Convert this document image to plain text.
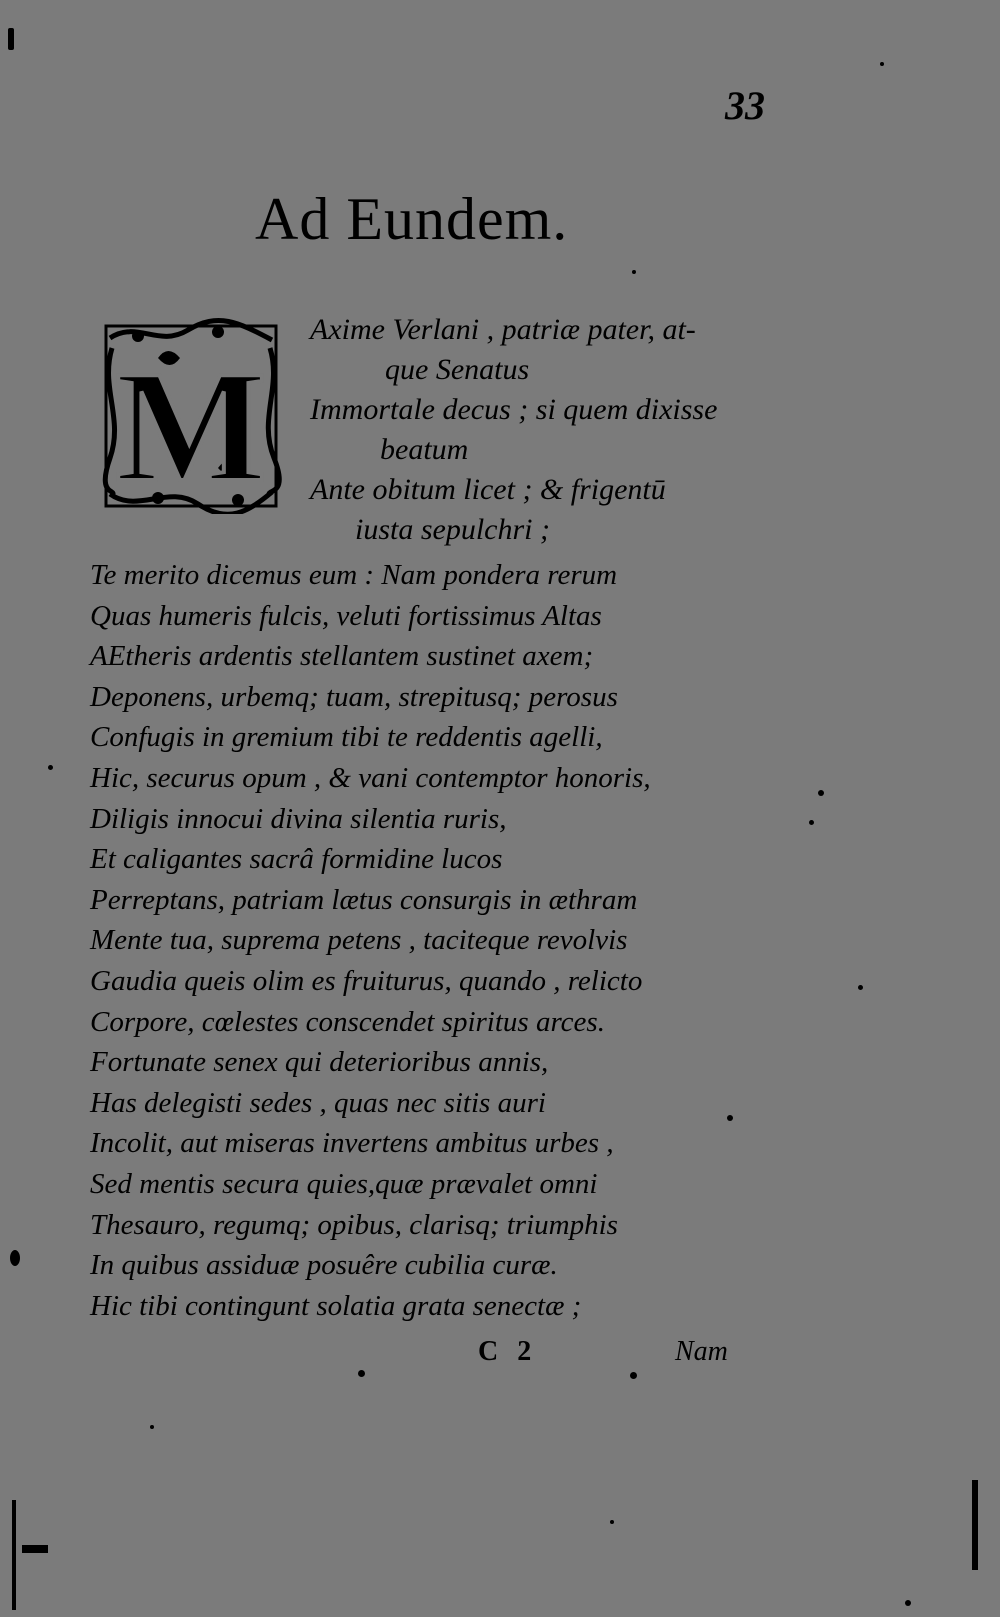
33
Ad Eundem.
M
Axime Verlani , patriæ pater, at-
que Senatus
Immortale decus ; si quem dixisse
beatum
Ante obitum licet ; & frigentū
iusta sepulchri ;
Te merito dicemus eum : Nam pondera rerum
Quas humeris fulcis, veluti fortissimus Altas
AEtheris ardentis stellantem sustinet axem;
Deponens, urbemq; tuam, strepitusq; perosus
Confugis in gremium tibi te reddentis agelli,
Hic, securus opum , & vani contemptor honoris,
Diligis innocui divina silentia ruris,
Et caligantes sacrâ formidine lucos
Perreptans, patriam lætus consurgis in æthram
Mente tua, suprema petens , taciteque revolvis
Gaudia queis olim es fruiturus, quando , relicto
Corpore, cœlestes conscendet spiritus arces.
Fortunate senex qui deterioribus annis,
Has delegisti sedes , quas nec sitis auri
Incolit, aut miseras invertens ambitus urbes ,
Sed mentis secura quies,quæ prævalet omni
Thesauro, regumq; opibus, clarisq; triumphis
In quibus assiduæ posuêre cubilia curæ.
Hic tibi contingunt solatia grata senectæ ;
C 2	Nam
